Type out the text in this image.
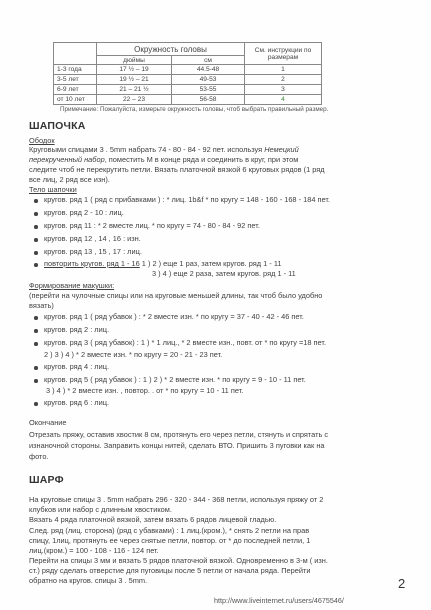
	Окружность головы		См. инструкции по размерам
	дюймы	см	
1-3 года	17 ½ – 19	44.5-48	1
3-5 лет	19 ½ – 21	49-53	2
6-9 лет	21 – 21 ½	53-55	3
от 10 лет	22 – 23	56-58	4
Примечание: Пожалуйста, измерьте окружность головы, чтоб выбрать правильный размер.
ШАПОЧКА
Ободок
Круговыми спицами 3 . 5mm набрать 74 - 80 - 84 - 92 пет. используя Немецкий
перекрученный набор, поместить М в конце ряда и соединить в круг, при этом
следите чтоб не перекрутить петли. Вязать платочной вязкой 6 круговых рядов (1 ряд
все лиц, 2 ряд все изн).
Тело шапочки
кругов. ряд 1 ( ряд с прибавками ) : * лиц. 1b&f * по кругу = 148 - 160 - 168 - 184 пет.
кругов. ряд 2 - 10 : лиц.
кругов. ряд 11 : * 2 вместе лиц. * по кругу = 74 - 80 - 84 - 92 пет.
кругов. ряд 12 , 14 , 16 : изн.
кругов. ряд 13 , 15 , 17 : лиц.
повторить кругов. ряд 1 - 16 1 ) 2 ) еще 1 раз, затем кругов. ряд 1 - 11
3 ) 4 ) еще 2 раза, затем кругов. ряд 1 - 11
Формирование макушки:
(перейти на чулочные спицы или на круговые меньшей длины, так чтоб было удобно
вязать)
кругов. ряд 1 ( ряд убавок ) : * 2 вместе изн. * по кругу = 37 - 40 - 42 - 46 пет.
кругов. ряд 2 : лиц.
кругов. ряд 3 ( ряд убавок) : 1 ) * 1 лиц., * 2 вместе изн., повт. от * по кругу =18 пет.
2 ) 3 ) 4 ) * 2 вместе изн. * по кругу = 20 - 21 - 23 пет.
кругов. ряд 4 : лиц.
кругов. ряд 5 ( ряд убавок ) : 1 ) 2 ) * 2 вместе изн. * по кругу = 9 - 10 - 11 пет.
3 ) 4 ) * 2 вместе изн. , повтор. . от * по кругу = 10 - 11 пет.
кругов. ряд 6 : лиц.
Окончание
Отрезать пряжу, оставив хвостик 8 см, протянуть его через петли, стянуть и спрятать с
изнаночной стороны. Заправить концы нитей, сделать ВТО. Пришить 3 пуговки как на
фото.
ШАРФ
На круговые спицы 3 . 5mm набрать 296 - 320 - 344 - 368 петли, используя пряжу от 2
клубков или набор с длинным хвостиком.
Вязать 4 ряда платочной вязкой, затем вязать 6 рядов лицевой гладью.
След. ряд (лиц. сторона) (ряд с убавками) : 1 лиц.(кром.), * снять 2 петли на прав
спицу, 1лиц, протянуть ее через снятые петли, повтор. от * до последней петли, 1
лиц.(кром.) = 100 - 108 - 116 - 124 пет.
Перейти на спицы 3 мм и вязать 5 рядов платочной вязкой. Одновременно в 3-м ( изн.
ст.) ряду сделать отверстие для пуговицы после 5 петли от начала ряда. Перейти
обратно на кругов. спицы 3 . 5mm.	2
http://www.liveinternet.ru/users/4675546/
